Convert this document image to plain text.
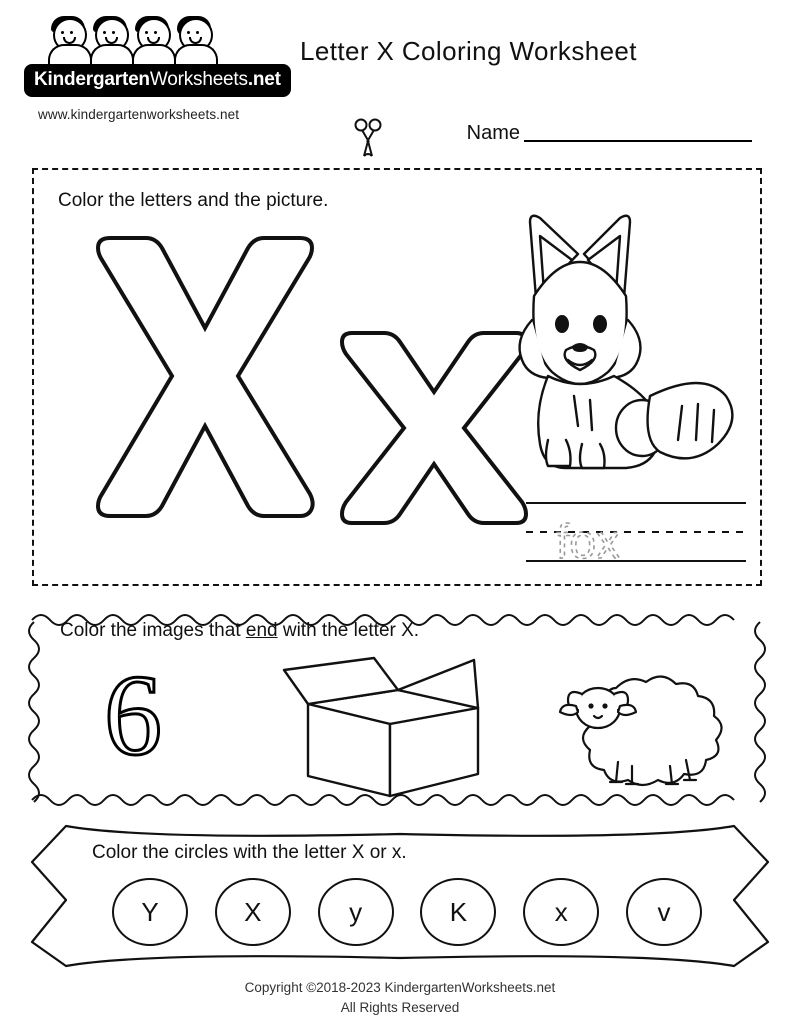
KindergartenWorksheets.net
www.kindergartenworksheets.net
Letter X Coloring Worksheet
Name
Color the letters and the picture.
fox
Color the images that end with the letter X.
6
Color the circles with the letter X or x.
Y	X	y	K	x	v
Copyright ©2018-2023 KindergartenWorksheets.net
All Rights Reserved
